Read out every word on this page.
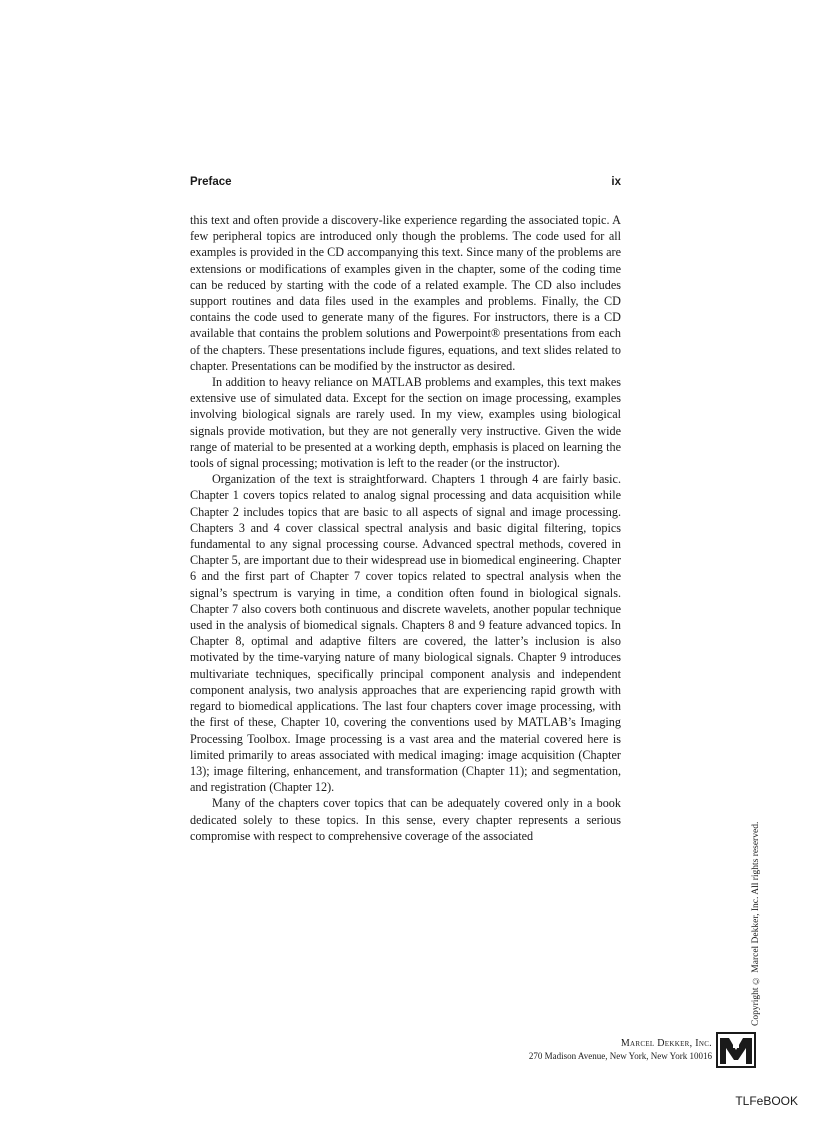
Preface	ix

this text and often provide a discovery-like experience regarding the associated topic. A few peripheral topics are introduced only though the problems. The code used for all examples is provided in the CD accompanying this text. Since many of the problems are extensions or modifications of examples given in the chapter, some of the coding time can be reduced by starting with the code of a related example. The CD also includes support routines and data files used in the examples and problems. Finally, the CD contains the code used to generate many of the figures. For instructors, there is a CD available that contains the problem solutions and Powerpoint® presentations from each of the chapters. These presentations include figures, equations, and text slides related to chapter. Presentations can be modified by the instructor as desired.

In addition to heavy reliance on MATLAB problems and examples, this text makes extensive use of simulated data. Except for the section on image processing, examples involving biological signals are rarely used. In my view, examples using biological signals provide motivation, but they are not generally very instructive. Given the wide range of material to be presented at a working depth, emphasis is placed on learning the tools of signal processing; motivation is left to the reader (or the instructor).

Organization of the text is straightforward. Chapters 1 through 4 are fairly basic. Chapter 1 covers topics related to analog signal processing and data acquisition while Chapter 2 includes topics that are basic to all aspects of signal and image processing. Chapters 3 and 4 cover classical spectral analysis and basic digital filtering, topics fundamental to any signal processing course. Advanced spectral methods, covered in Chapter 5, are important due to their widespread use in biomedical engineering. Chapter 6 and the first part of Chapter 7 cover topics related to spectral analysis when the signal’s spectrum is varying in time, a condition often found in biological signals. Chapter 7 also covers both continuous and discrete wavelets, another popular technique used in the analysis of biomedical signals. Chapters 8 and 9 feature advanced topics. In Chapter 8, optimal and adaptive filters are covered, the latter’s inclusion is also motivated by the time-varying nature of many biological signals. Chapter 9 introduces multivariate techniques, specifically principal component analysis and independent component analysis, two analysis approaches that are experiencing rapid growth with regard to biomedical applications. The last four chapters cover image processing, with the first of these, Chapter 10, covering the conventions used by MATLAB’s Imaging Processing Toolbox. Image processing is a vast area and the material covered here is limited primarily to areas associated with medical imaging: image acquisition (Chapter 13); image filtering, enhancement, and transformation (Chapter 11); and segmentation, and registration (Chapter 12).

Many of the chapters cover topics that can be adequately covered only in a book dedicated solely to these topics. In this sense, every chapter represents a serious compromise with respect to comprehensive coverage of the associated	Copyright © Marcel Dekker, Inc. All rights reserved.
Marcel Dekker, Inc.
270 Madison Avenue, New York, New York 10016
TLFeBOOK
